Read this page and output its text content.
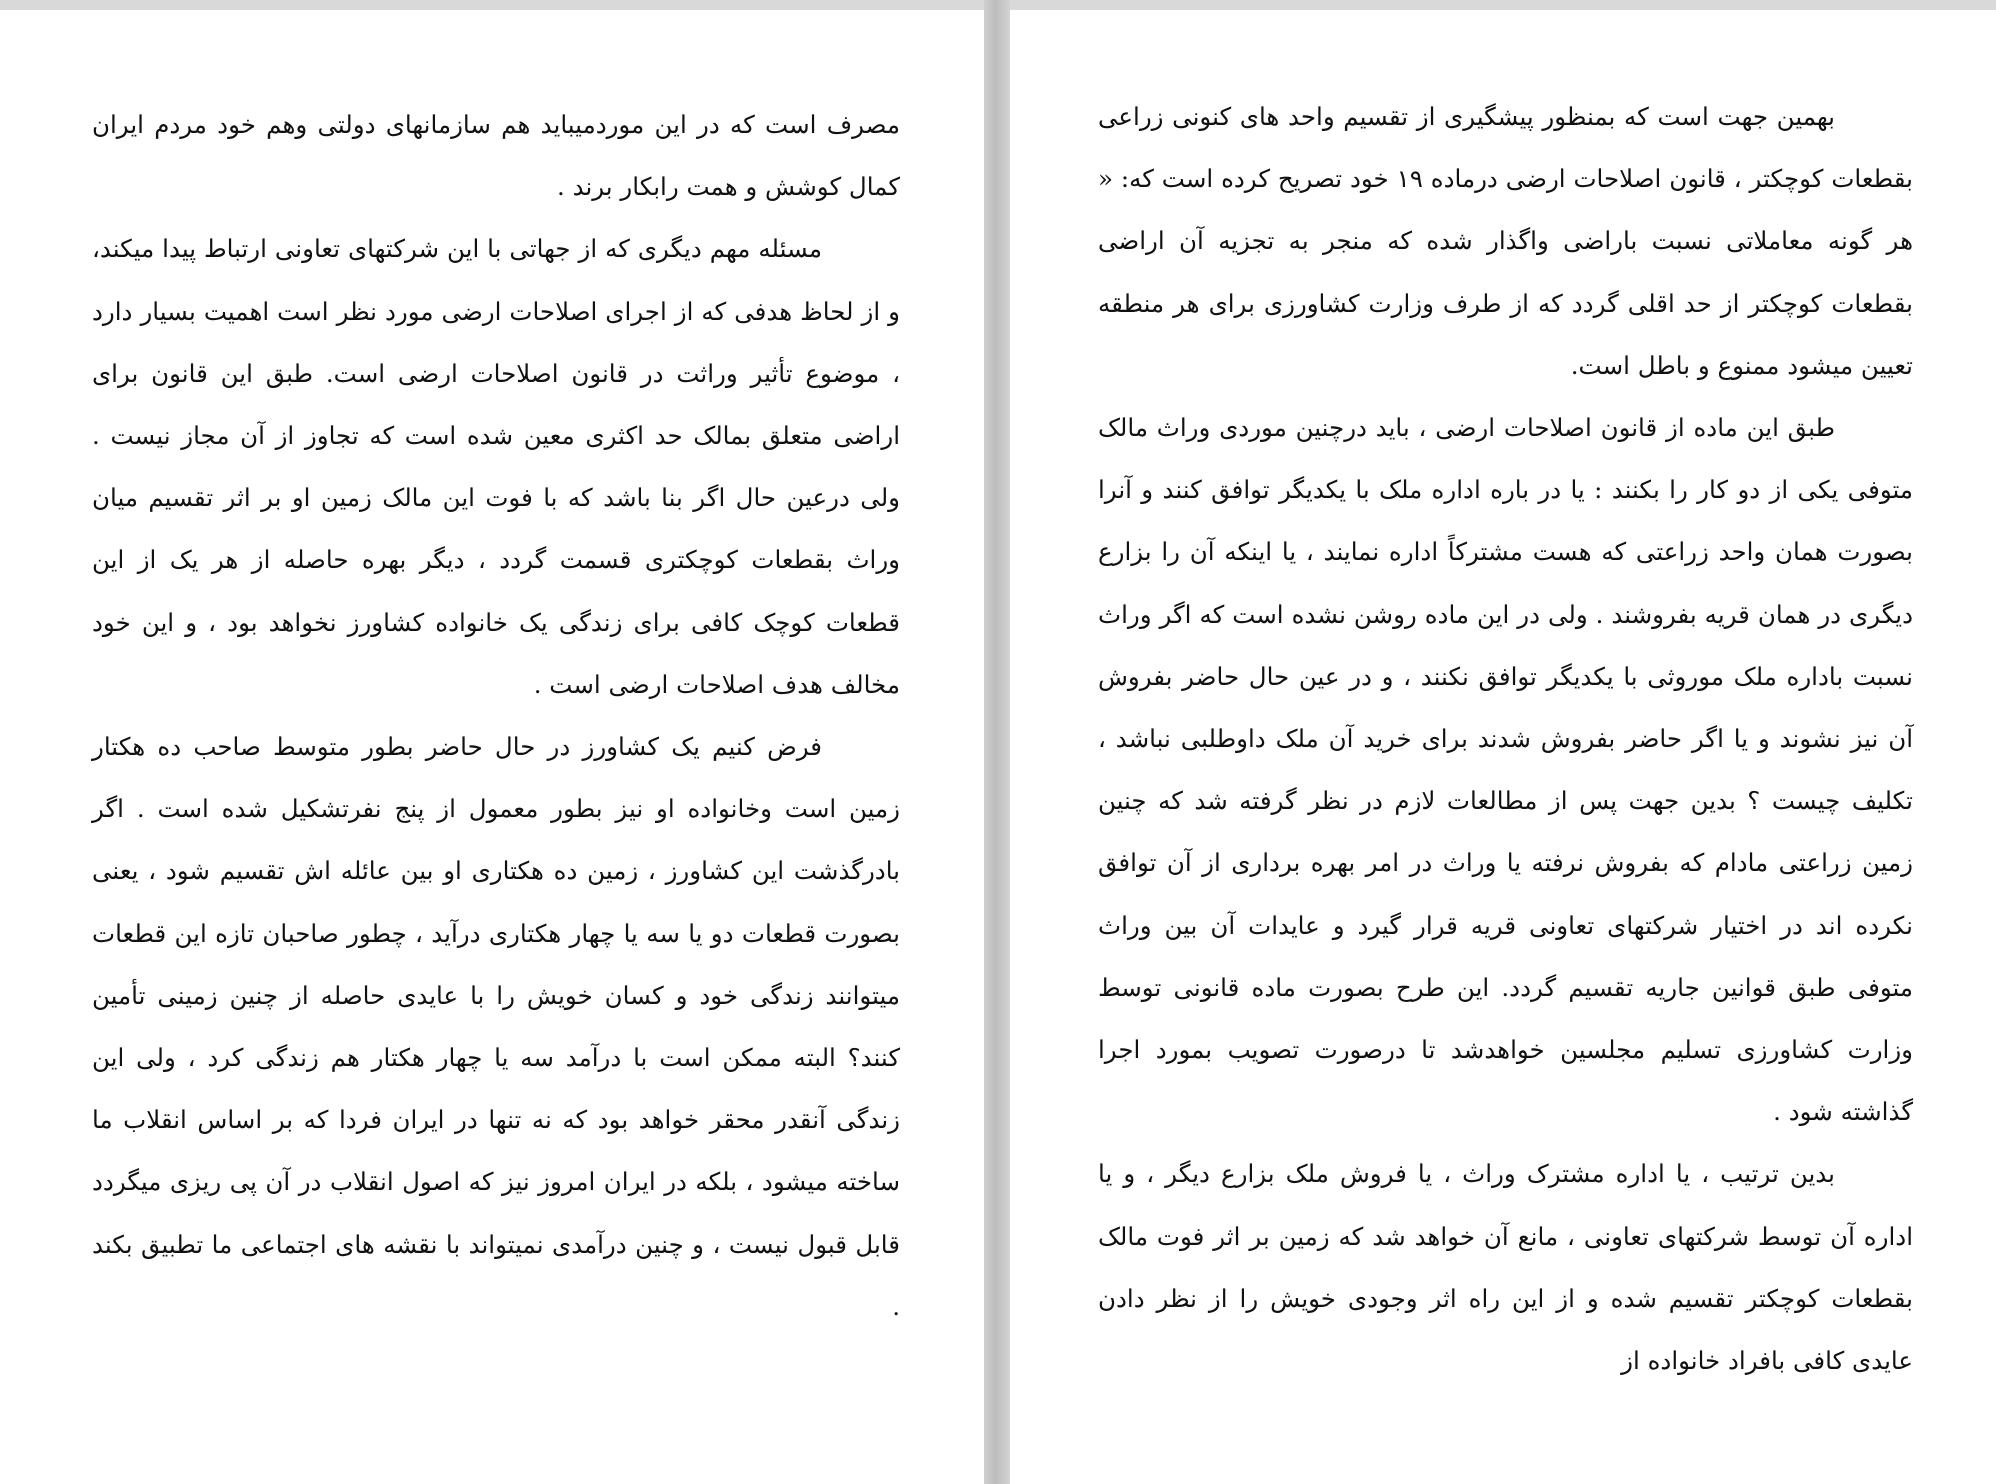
مصرف است که در این موردمیباید هم سازمانهای دولتی وهم خود مردم ایران کمال کوشش و همت رابکار برند .

مسئله مهم دیگری که از جهاتی با این شرکتهای تعاونی ارتباط پیدا میکند، و از لحاظ هدفی که از اجرای اصلاحات ارضی مورد نظر است اهمیت بسیار دارد ، موضوع تأثیر وراثت در قانون اصلاحات ارضی است. طبق این قانون برای اراضی متعلق بمالک حد اکثری معین شده است که تجاوز از آن مجاز نیست . ولی درعین حال اگر بنا باشد که با فوت این مالک زمین او بر اثر تقسیم میان وراث بقطعات کوچکتری قسمت گردد ، دیگر بهره حاصله از هر یک از این قطعات کوچک کافی برای زندگی یک خانواده کشاورز نخواهد بود ، و این خود مخالف هدف اصلاحات ارضی است .

فرض کنیم یک کشاورز در حال حاضر بطور متوسط صاحب ده هکتار زمین است وخانواده او نیز بطور معمول از پنج نفرتشکیل شده است . اگر بادرگذشت این کشاورز ، زمین ده هکتاری او بین عائله اش تقسیم شود ، یعنی بصورت قطعات دو یا سه یا چهار هکتاری درآید ، چطور صاحبان تازه این قطعات میتوانند زندگی خود و کسان خویش را با عایدی حاصله از چنین زمینی تأمین کنند؟ البته ممکن است با درآمد سه یا چهار هکتار هم زندگی کرد ، ولی این زندگی آنقدر محقر خواهد بود که نه تنها در ایران فردا که بر اساس انقلاب ما ساخته میشود ، بلکه در ایران امروز نیز که اصول انقلاب در آن پی ریزی میگردد قابل قبول نیست ، و چنین درآمدی نمیتواند با نقشه های اجتماعی ما تطبیق بکند .

بهمین جهت است که بمنظور پیشگیری از تقسیم واحد های کنونی زراعی بقطعات کوچکتر ، قانون اصلاحات ارضی درماده ۱۹ خود تصریح کرده است که: « هر گونه معاملاتی نسبت باراضی واگذار شده که منجر به تجزیه آن اراضی بقطعات کوچکتر از حد اقلی گردد که از طرف وزارت کشاورزی برای هر منطقه تعیین میشود ممنوع و باطل است.

طبق این ماده از قانون اصلاحات ارضی ، باید درچنین موردی وراث مالک متوفی یکی از دو کار را بکنند : یا در باره اداره ملک با یکدیگر توافق کنند و آنرا بصورت همان واحد زراعتی که هست مشترکاً اداره نمایند ، یا اینکه آن را بزارع دیگری در همان قریه بفروشند . ولی در این ماده روشن نشده است که اگر وراث نسبت باداره ملک موروثی با یکدیگر توافق نکنند ، و در عین حال حاضر بفروش آن نیز نشوند و یا اگر حاضر بفروش شدند برای خرید آن ملک داوطلبی نباشد ، تکلیف چیست ؟ بدین جهت پس از مطالعات لازم در نظر گرفته شد که چنین زمین زراعتی مادام که بفروش نرفته یا وراث در امر بهره برداری از آن توافق نکرده اند در اختیار شرکتهای تعاونی قریه قرار گیرد و عایدات آن بین وراث متوفی طبق قوانین جاریه تقسیم گردد. این طرح بصورت ماده قانونی توسط وزارت کشاورزی تسلیم مجلسین خواهدشد تا درصورت تصویب بمورد اجرا گذاشته شود .

بدین ترتیب ، یا اداره مشترک وراث ، یا فروش ملک بزارع دیگر ، و یا اداره آن توسط شرکتهای تعاونی ، مانع آن خواهد شد که زمین بر اثر فوت مالک بقطعات کوچکتر تقسیم شده و از این راه اثر وجودی خویش را از نظر دادن عایدی کافی بافراد خانواده از
